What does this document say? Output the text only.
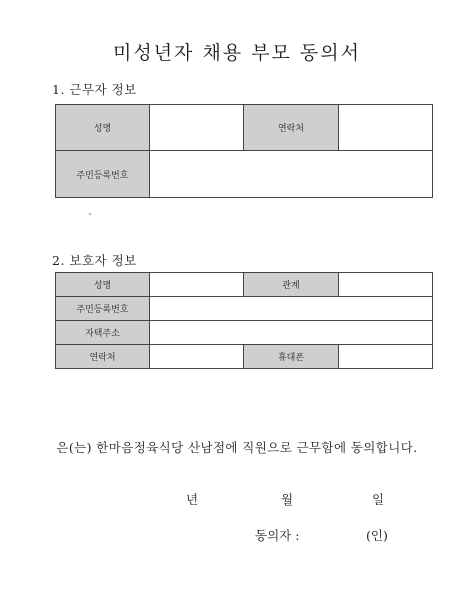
미성년자 채용 부모 동의서
1. 근무자 정보
성명		연락처	
주민등록번호			
`
2. 보호자 정보
성명		관계	
주민등록번호			
자택주소			
연락처		휴대폰	
은(는) 한마음정육식당 산남점에 직원으로 근무함에 동의합니다.
년	월	일
동의자 :	(인)
